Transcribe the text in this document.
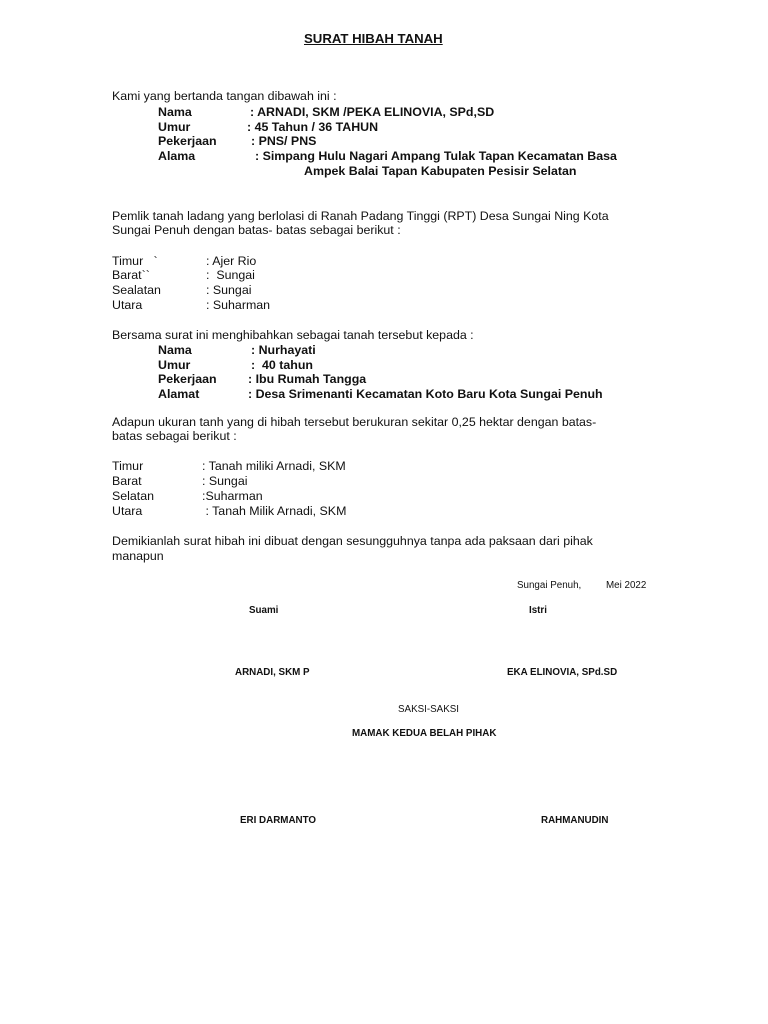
SURAT HIBAH TANAH
Kami yang bertanda tangan dibawah ini :
Nama	: ARNADI, SKM /PEKA ELINOVIA, SPd,SD
Umur	: 45 Tahun / 36 TAHUN
Pekerjaan	: PNS/ PNS
Alama	: Simpang Hulu Nagari Ampang Tulak Tapan Kecamatan Basa
Ampek Balai Tapan Kabupaten Pesisir Selatan
Pemlik tanah ladang yang berlolasi di Ranah Padang Tinggi (RPT) Desa Sungai Ning Kota
Sungai Penuh dengan batas- batas sebagai berikut :
Timur   `	: Ajer Rio
Barat``	:  Sungai
Sealatan	: Sungai
Utara	: Suharman
Bersama surat ini menghibahkan sebagai tanah tersebut kepada :
Nama	: Nurhayati
Umur	:  40 tahun
Pekerjaan	: Ibu Rumah Tangga
Alamat	: Desa Srimenanti Kecamatan Koto Baru Kota Sungai Penuh
Adapun ukuran tanh yang di hibah tersebut berukuran sekitar 0,25 hektar dengan batas-
batas sebagai berikut :
Timur	: Tanah miliki Arnadi, SKM
Barat	: Sungai
Selatan	:Suharman
Utara	: Tanah Milik Arnadi, SKM
Demikianlah surat hibah ini dibuat dengan sesungguhnya tanpa ada paksaan dari pihak
manapun
Sungai Penuh,	Mei 2022
Suami	Istri
ARNADI, SKM P	EKA ELINOVIA, SPd.SD
SAKSI-SAKSI
MAMAK KEDUA BELAH PIHAK
ERI DARMANTO	RAHMANUDIN
